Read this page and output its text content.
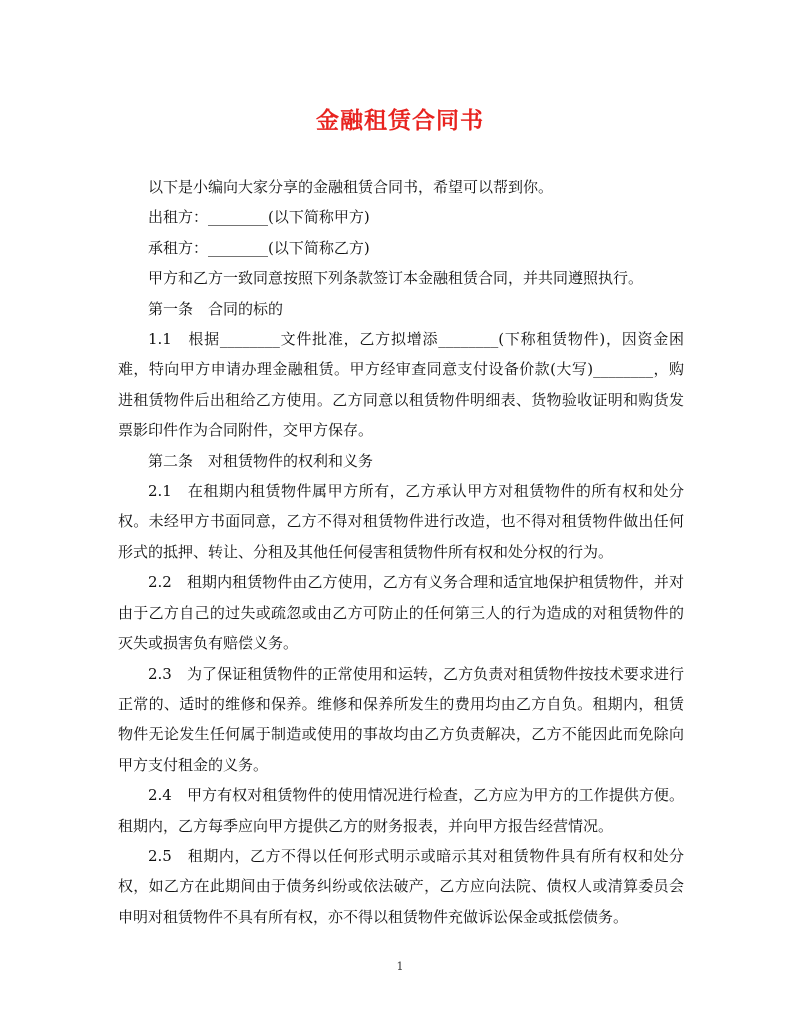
金融租赁合同书

以下是小编向大家分享的金融租赁合同书，希望可以帮到你。

出租方：________(以下简称甲方)

承租方：________(以下简称乙方)

甲方和乙方一致同意按照下列条款签订本金融租赁合同，并共同遵照执行。

第一条　合同的标的

1.1　根据________文件批准，乙方拟增添________(下称租赁物件)，因资金困难，特向甲方申请办理金融租赁。甲方经审查同意支付设备价款(大写)________，购进租赁物件后出租给乙方使用。乙方同意以租赁物件明细表、货物验收证明和购货发票影印件作为合同附件，交甲方保存。

第二条　对租赁物件的权利和义务

2.1　在租期内租赁物件属甲方所有，乙方承认甲方对租赁物件的所有权和处分权。未经甲方书面同意，乙方不得对租赁物件进行改造，也不得对租赁物件做出任何形式的抵押、转让、分租及其他任何侵害租赁物件所有权和处分权的行为。

2.2　租期内租赁物件由乙方使用，乙方有义务合理和适宜地保护租赁物件，并对由于乙方自己的过失或疏忽或由乙方可防止的任何第三人的行为造成的对租赁物件的灭失或损害负有赔偿义务。

2.3　为了保证租赁物件的正常使用和运转，乙方负责对租赁物件按技术要求进行正常的、适时的维修和保养。维修和保养所发生的费用均由乙方自负。租期内，租赁物件无论发生任何属于制造或使用的事故均由乙方负责解决，乙方不能因此而免除向甲方支付租金的义务。

2.4　甲方有权对租赁物件的使用情况进行检查，乙方应为甲方的工作提供方便。租期内，乙方每季应向甲方提供乙方的财务报表，并向甲方报告经营情况。

2.5　租期内，乙方不得以任何形式明示或暗示其对租赁物件具有所有权和处分权，如乙方在此期间由于债务纠纷或依法破产，乙方应向法院、债权人或清算委员会申明对租赁物件不具有所有权，亦不得以租赁物件充做诉讼保金或抵偿债务。

1
